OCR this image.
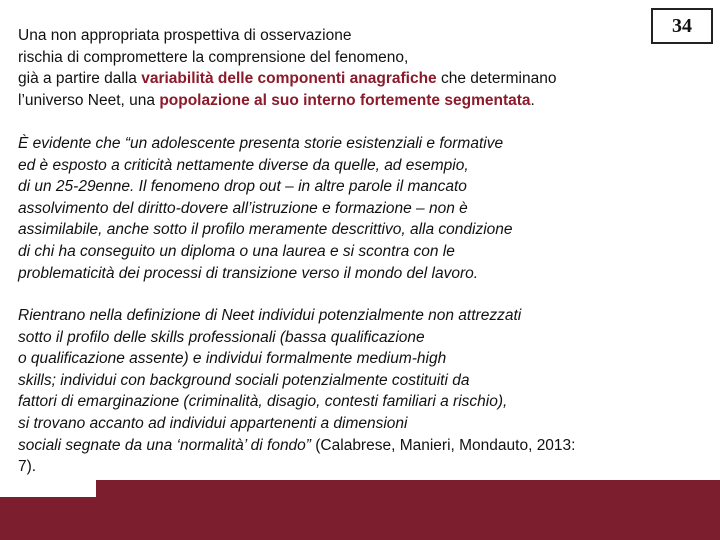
34

Una non appropriata prospettiva di osservazione
rischia di compromettere la comprensione del fenomeno,
già a partire dalla variabilità delle componenti anagrafiche che determinano
l’universo Neet, una popolazione al suo interno fortemente segmentata.

È evidente che “un adolescente presenta storie esistenziali e formative
ed è esposto a criticità nettamente diverse da quelle, ad esempio,
di un 25-29enne. Il fenomeno drop out – in altre parole il mancato
assolvimento del diritto-dovere all’istruzione e formazione – non è
assimilabile, anche sotto il profilo meramente descrittivo, alla condizione
di chi ha conseguito un diploma o una laurea e si scontra con le
problematicità dei processi di transizione verso il mondo del lavoro.

Rientrano nella definizione di Neet individui potenzialmente non attrezzati
sotto il profilo delle skills professionali (bassa qualificazione
o qualificazione assente) e individui formalmente medium-high
skills; individui con background sociali potenzialmente costituiti da
fattori di emarginazione (criminalità, disagio, contesti familiari a rischio),
si trovano accanto ad individui appartenenti a dimensioni
sociali segnate da una ‘normalità’ di fondo” (Calabrese, Manieri, Mondauto, 2013:
7).
